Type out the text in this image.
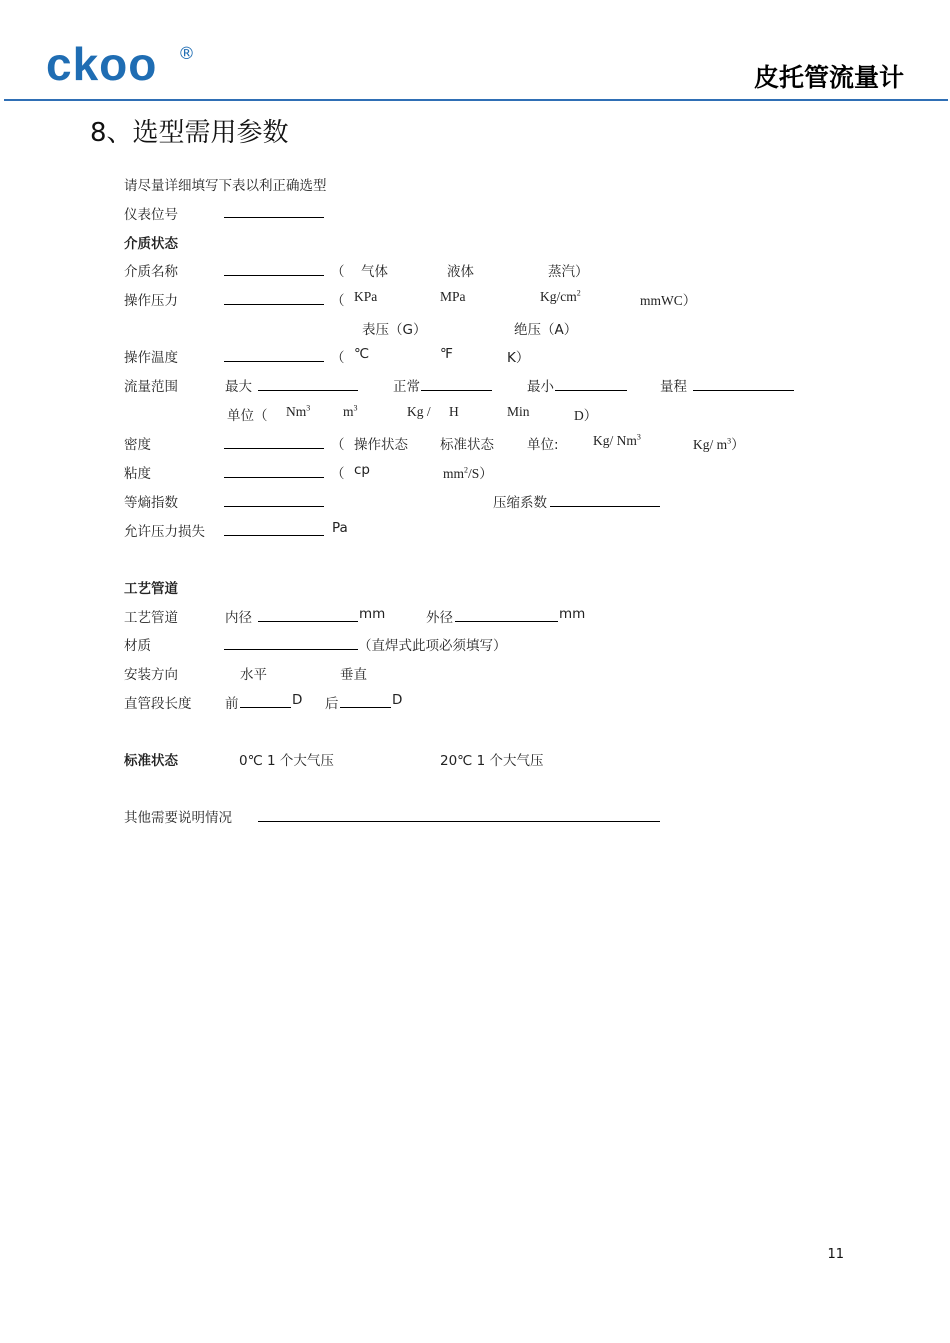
ckoo ®
皮托管流量计
8、选型需用参数
请尽量详细填写下表以利正确选型
仪表位号
介质状态
介质名称	（ 气体	液体	蒸汽）
操作压力	（ KPa	MPa	$Kg/cm^2$	mmWC）
表压（G）	绝压（A）
操作温度	（ ℃	℉	K）
流量范围	最大	正常	最小	量程
单位（ Nm$^3$ $m^3$	Kg / H	Min	D）
密度	（ 操作状态 标准状态 单位:	Kg/ Nm$^3$	Kg/ $m^3$）
粘度	（ cp	$mm^2/S$）
等熵指数	压缩系数
允许压力损失	Pa
工艺管道
工艺管道	内径	mm	外径	mm
材质	（直焊式此项必须填写）
安装方向	水平	垂直
直管段长度 前	D 后	D
标准状态	0℃ 1 个大气压	20℃ 1 个大气压
其他需要说明情况
11
